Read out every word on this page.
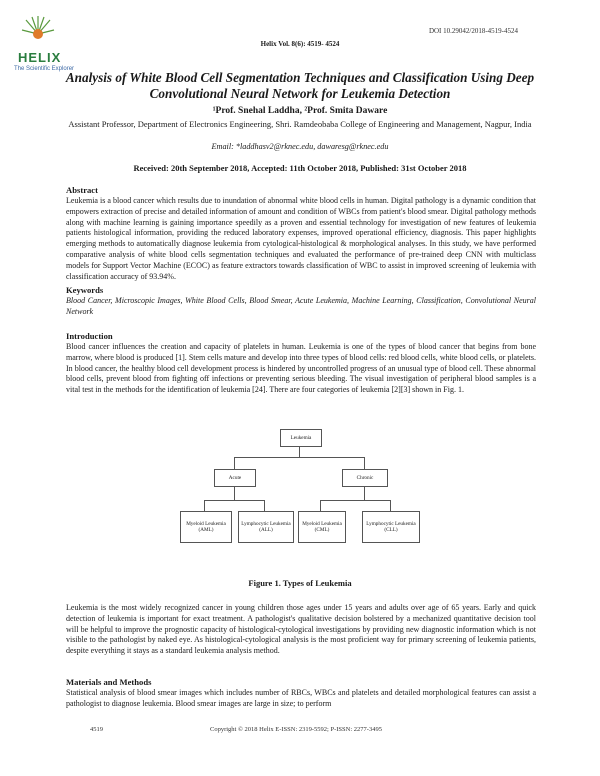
HELIX
The Scientific Explorer
DOI 10.29042/2018-4519-4524
Helix Vol. 8(6): 4519- 4524
Analysis of White Blood Cell Segmentation Techniques and Classification Using Deep Convolutional Neural Network for Leukemia Detection
¹Prof. Snehal Laddha, ²Prof. Smita Daware
Assistant Professor, Department of Electronics Engineering, Shri. Ramdeobaba College of Engineering and Management, Nagpur, India
Email: *laddhasv2@rknec.edu, dawaresg@rknec.edu
Received: 20th September 2018, Accepted: 11th October 2018, Published: 31st October 2018
Abstract
Leukemia is a blood cancer which results due to inundation of abnormal white blood cells in human. Digital pathology is a dynamic condition that empowers extraction of precise and detailed information of amount and condition of WBCs from patient's blood smear. Digital pathology methods along with machine learning is gaining importance speedily as a proven and essential technology for investigation of new features of leukemia patients histological information, providing the reduced laboratory expenses, improved operational efficiency, diagnosis. This paper highlights emerging methods to automatically diagnose leukemia from cytological-histological & morphological analyses. In this study, we have performed comparative analysis of white blood cells segmentation techniques and evaluated the performance of pre-trained deep CNN with multiclass models for Support Vector Machine (ECOC) as feature extractors towards classification of WBC to assist in improved screening of leukemia with classification accuracy of 93.94%.
Keywords
Blood Cancer, Microscopic Images, White Blood Cells, Blood Smear, Acute Leukemia, Machine Learning, Classification, Convolutional Neural Network
Introduction
Blood cancer influences the creation and capacity of platelets in human. Leukemia is one of the types of blood cancer that begins from bone marrow, where blood is produced [1]. Stem cells mature and develop into three types of blood cells: red blood cells, white blood cells, or platelets. In blood cancer, the healthy blood cell development process is hindered by uncontrolled progress of an unusual type of blood cell. These abnormal blood cells, prevent blood from fighting off infections or preventing serious bleeding. The visual investigation of peripheral blood samples is a vital test in the methods for the identification of leukemia [24]. There are four categories of leukemia [2][3] shown in Fig. 1.
Leukemia
Acute	Chronic
Myeloid Leukemia (AML)
Lymphocytic Leukemia (ALL)
Myeloid Leukemia (CML)
Lymphocytic Leukemia (CLL)
Figure 1. Types of Leukemia
Leukemia is the most widely recognized cancer in young children those ages under 15 years and adults over age of 65 years. Early and quick detection of leukemia is important for exact treatment. A pathologist's qualitative decision bolstered by a mechanized quantitative decision tool will be helpful to improve the prognostic capacity of histological-cytological investigations by providing new diagnostic information which is not visible to the pathologist by naked eye. As histological-cytological analysis is the most proficient way for primary screening of leukemia patients, despite everything it stays as a standard leukemia analysis method.
Materials and Methods
Statistical analysis of blood smear images which includes number of RBCs, WBCs and platelets and detailed morphological features can assist a pathologist to diagnose leukemia. Blood smear images are large in size; to perform
4519	Copyright © 2018 Helix E-ISSN: 2319-5592; P-ISSN: 2277-3495
